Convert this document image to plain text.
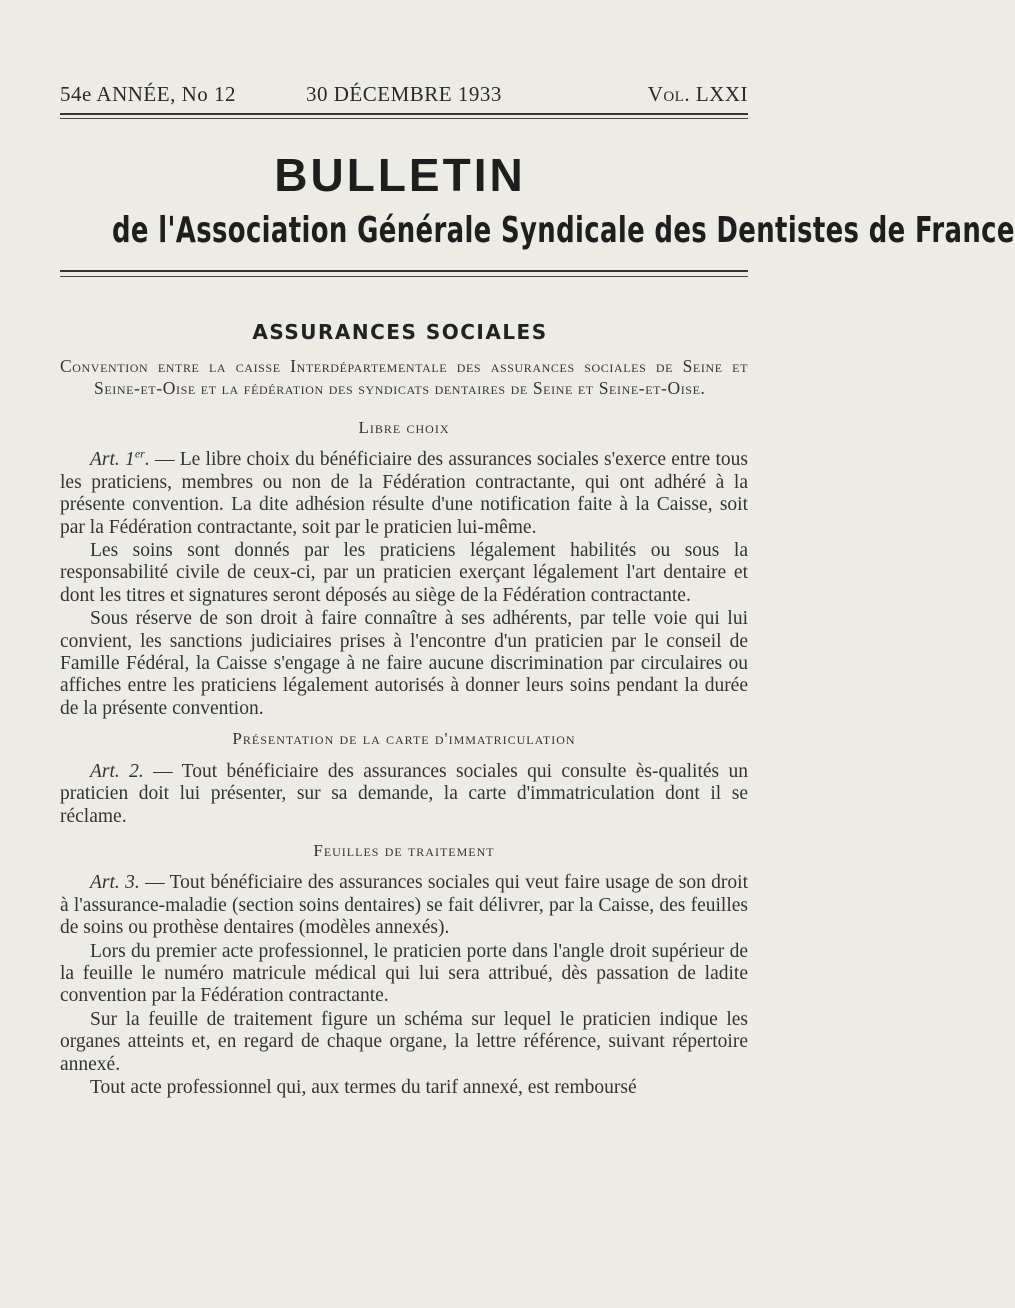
54e ANNÉE, No 12	30 DÉCEMBRE 1933	Vol. LXXI
BULLETIN
de l'Association Générale Syndicale des Dentistes de France
ASSURANCES SOCIALES

Convention entre la caisse Interdépartementale des assurances sociales de Seine et Seine-et-Oise et la fédération des syndicats dentaires de Seine et Seine-et-Oise.

Libre choix

Art. 1er. — Le libre choix du bénéficiaire des assurances sociales s'exerce entre tous les praticiens, membres ou non de la Fédération contractante, qui ont adhéré à la présente convention. La dite adhésion résulte d'une notification faite à la Caisse, soit par la Fédération contractante, soit par le praticien lui-même.

Les soins sont donnés par les praticiens légalement habilités ou sous la responsabilité civile de ceux-ci, par un praticien exerçant légalement l'art dentaire et dont les titres et signatures seront déposés au siège de la Fédération contractante.

Sous réserve de son droit à faire connaître à ses adhérents, par telle voie qui lui convient, les sanctions judiciaires prises à l'encontre d'un praticien par le conseil de Famille Fédéral, la Caisse s'engage à ne faire aucune discrimination par circulaires ou affiches entre les praticiens légalement autorisés à donner leurs soins pendant la durée de la présente convention.

Présentation de la carte d'immatriculation

Art. 2. — Tout bénéficiaire des assurances sociales qui consulte ès-qualités un praticien doit lui présenter, sur sa demande, la carte d'immatriculation dont il se réclame.

Feuilles de traitement

Art. 3. — Tout bénéficiaire des assurances sociales qui veut faire usage de son droit à l'assurance-maladie (section soins dentaires) se fait délivrer, par la Caisse, des feuilles de soins ou prothèse dentaires (modèles annexés).

Lors du premier acte professionnel, le praticien porte dans l'angle droit supérieur de la feuille le numéro matricule médical qui lui sera attribué, dès passation de ladite convention par la Fédération contractante.

Sur la feuille de traitement figure un schéma sur lequel le praticien indique les organes atteints et, en regard de chaque organe, la lettre référence, suivant répertoire annexé.

Tout acte professionnel qui, aux termes du tarif annexé, est remboursé
